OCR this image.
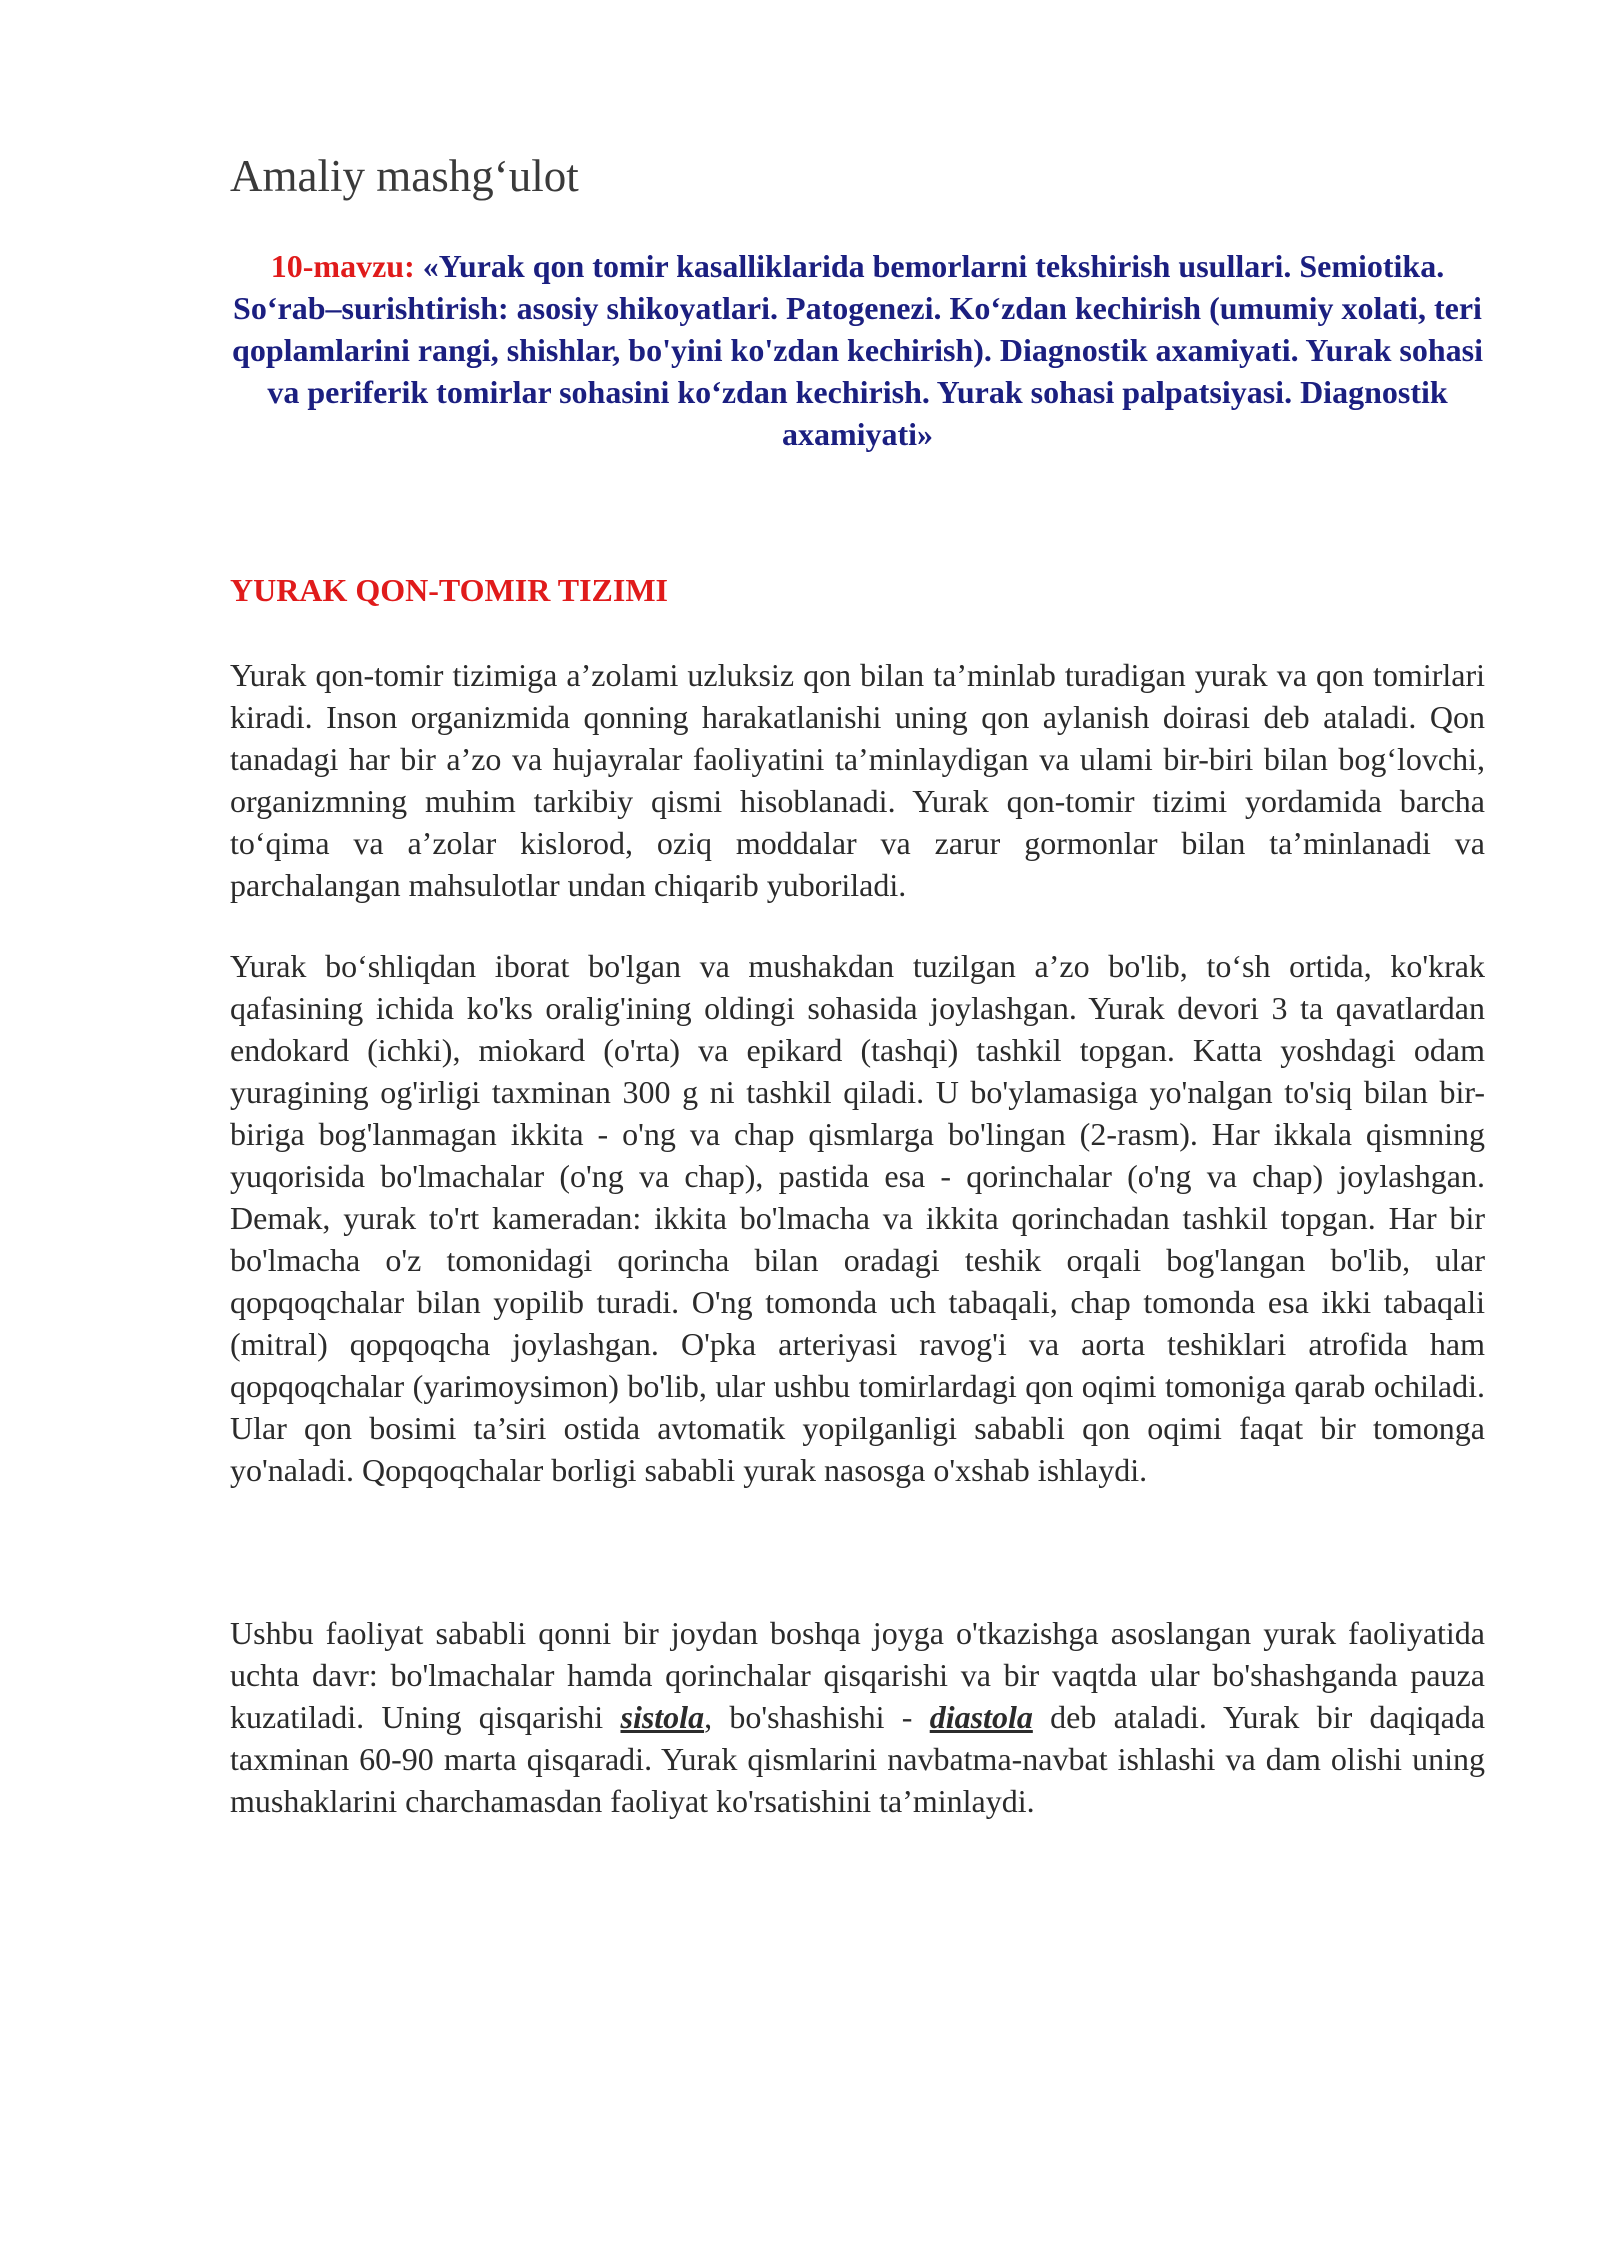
Amaliy mashg‘ulot
10-mavzu: «Yurak qon tomir kasalliklarida bemorlarni tekshirish usullari. Semiotika. So‘rab–surishtirish: asosiy shikoyatlari. Patogenezi. Ko‘zdan kechirish (umumiy xolati, teri qoplamlarini rangi, shishlar, bo'yini ko'zdan kechirish). Diagnostik axamiyati. Yurak sohasi va periferik tomirlar sohasini ko‘zdan kechirish. Yurak sohasi palpatsiyasi. Diagnostik axamiyati»
YURAK QON-TOMIR TIZIMI

Yurak qon-tomir tizimiga a’zolami uzluksiz qon bilan ta’minlab turadigan yurak va qon tomirlari kiradi. Inson organizmida qonning harakatlanishi uning qon aylanish doirasi deb ataladi. Qon tanadagi har bir a’zo va hujayralar faoliyatini ta’minlaydigan va ulami bir-biri bilan bog‘lovchi, organizmning muhim tarkibiy qismi hisoblanadi. Yurak qon-tomir tizimi yordamida barcha to‘qima va a’zolar kislorod, oziq moddalar va zarur gormonlar bilan ta’minlanadi va parchalangan mahsulotlar undan chiqarib yuboriladi.

Yurak bo‘shliqdan iborat bo'lgan va mushakdan tuzilgan a’zo bo'lib, to‘sh ortida, ko'krak qafasining ichida ko'ks oralig'ining oldingi sohasida joylashgan. Yurak devori 3 ta qavatlardan endokard (ichki), miokard (o'rta) va epikard (tashqi) tashkil topgan. Katta yoshdagi odam yuragining og'irligi taxminan 300 g ni tashkil qiladi. U bo'ylamasiga yo'nalgan to'siq bilan bir-biriga bog'lanmagan ikkita - o'ng va chap qismlarga bo'lingan (2-rasm). Har ikkala qismning yuqorisida bo'lmachalar (o'ng va chap), pastida esa - qorinchalar (o'ng va chap) joylashgan. Demak, yurak to'rt kameradan: ikkita bo'lmacha va ikkita qorinchadan tashkil topgan. Har bir bo'lmacha o'z tomonidagi qorincha bilan oradagi teshik orqali bog'langan bo'lib, ular qopqoqchalar bilan yopilib turadi. O'ng tomonda uch tabaqali, chap tomonda esa ikki tabaqali (mitral) qopqoqcha joylashgan. O'pka arteriyasi ravog'i va aorta teshiklari atrofida ham qopqoqchalar (yarimoysimon) bo'lib, ular ushbu tomirlardagi qon oqimi tomoniga qarab ochiladi. Ular qon bosimi ta’siri ostida avtomatik yopilganligi sababli qon oqimi faqat bir tomonga yo'naladi. Qopqoqchalar borligi sababli yurak nasosga o'xshab ishlaydi.

Ushbu faoliyat sababli qonni bir joydan boshqa joyga o'tkazishga asoslangan yurak faoliyatida uchta davr: bo'lmachalar hamda qorinchalar qisqarishi va bir vaqtda ular bo'shashganda pauza kuzatiladi. Uning qisqarishi sistola, bo'shashishi - diastola deb ataladi. Yurak bir daqiqada taxminan 60-90 marta qisqaradi. Yurak qismlarini navbatma-navbat ishlashi va dam olishi uning mushaklarini charchamasdan faoliyat ko'rsatishini ta’minlaydi.
